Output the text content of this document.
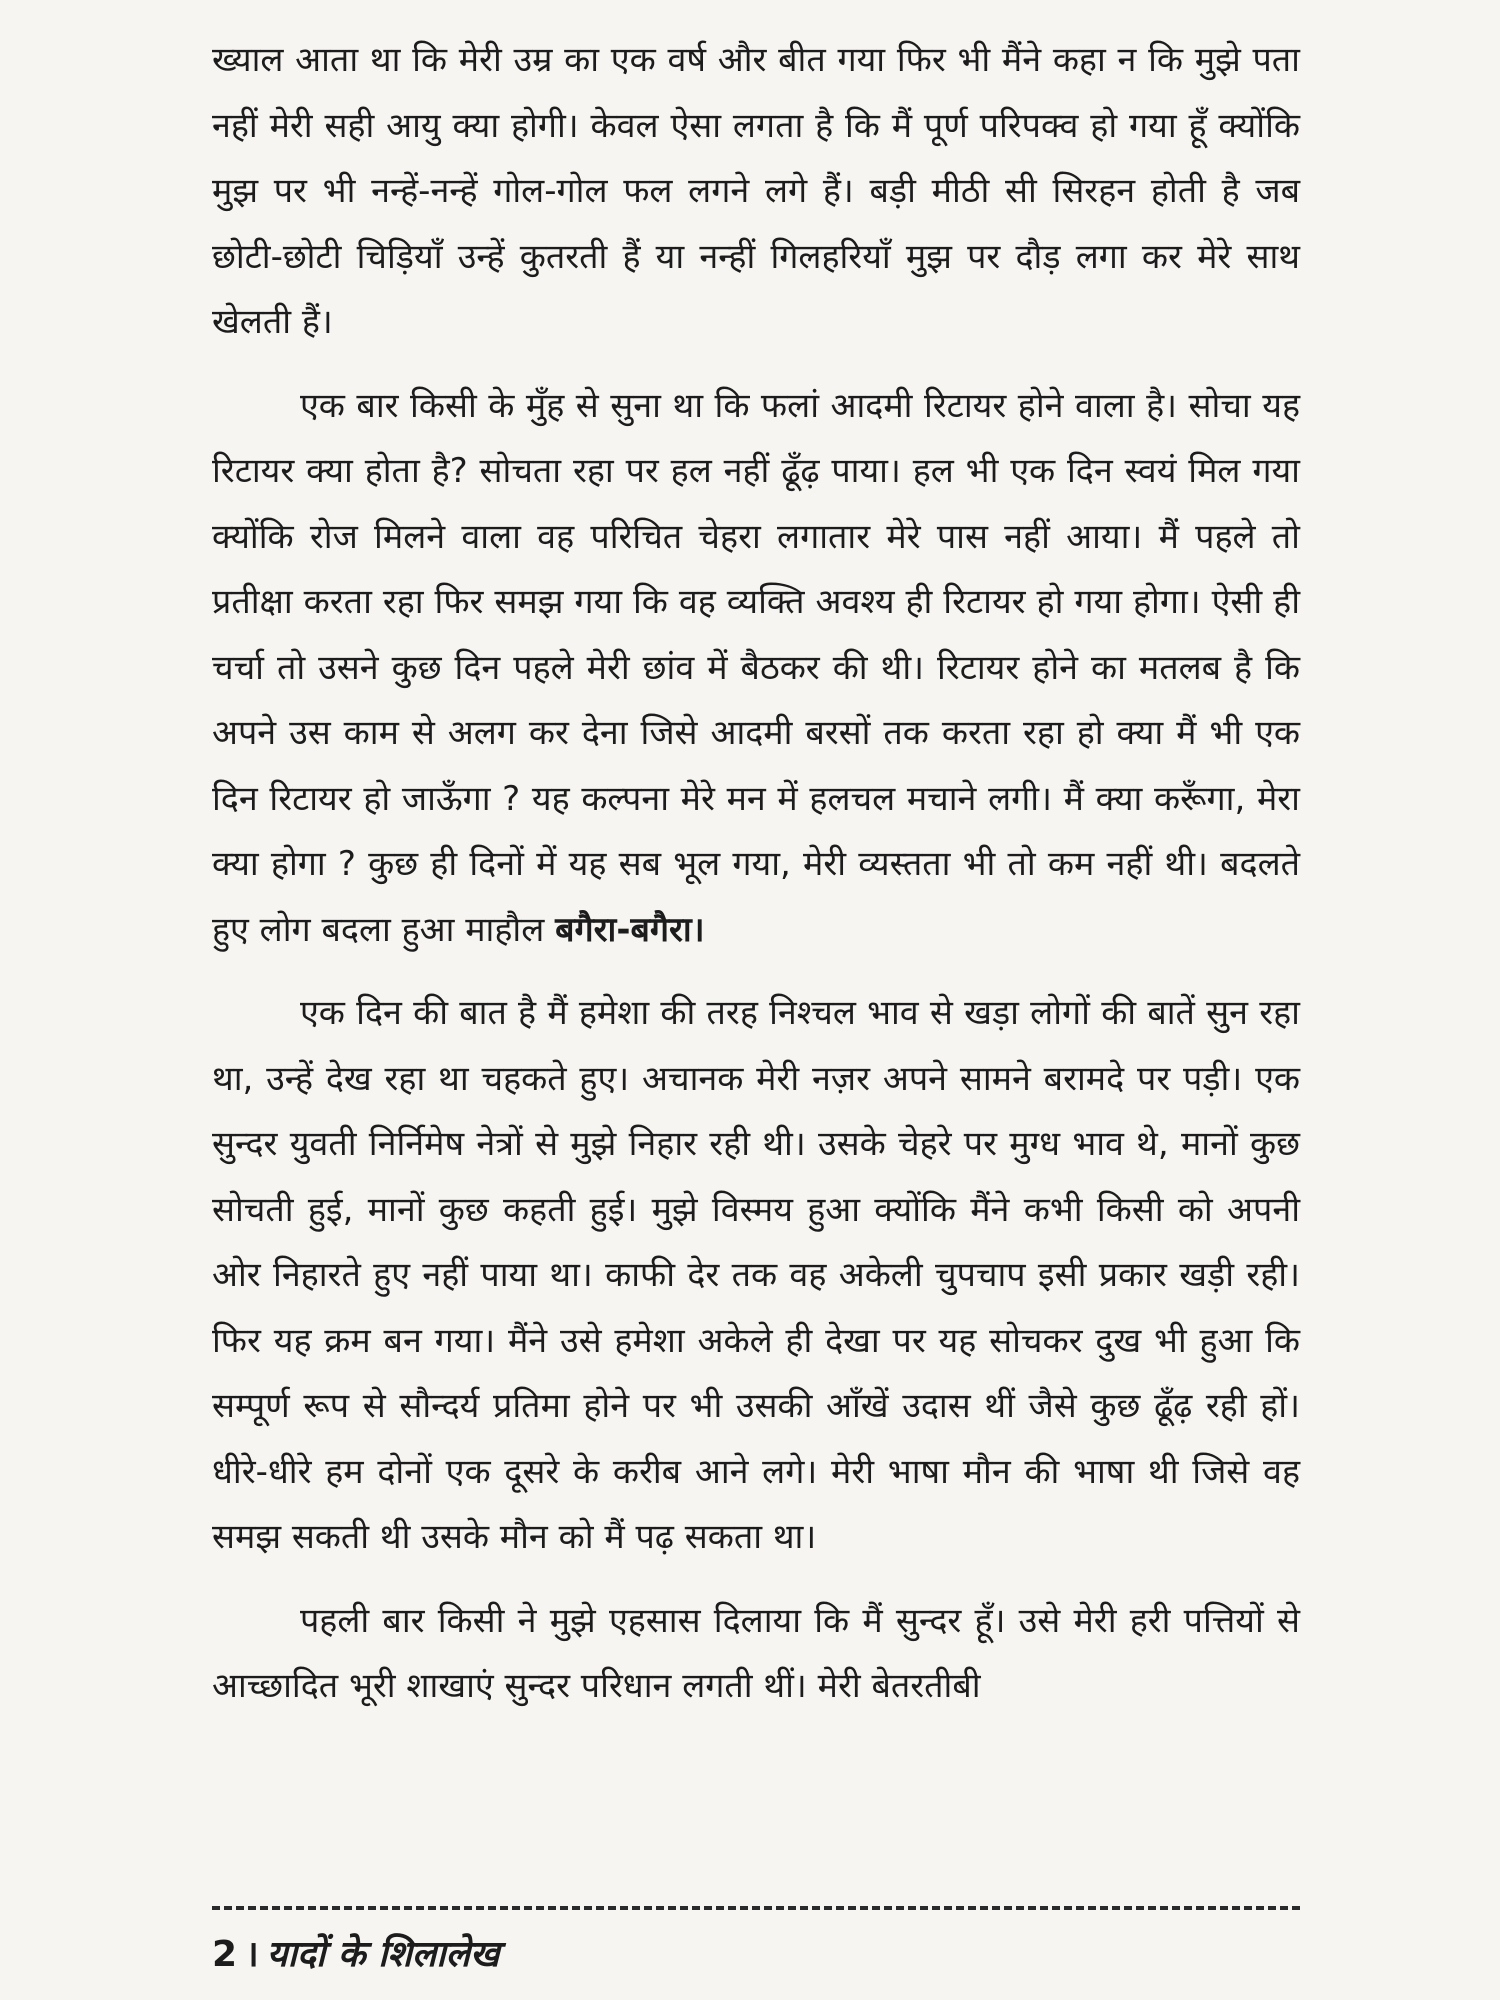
ख्याल आता था कि मेरी उम्र का एक वर्ष और बीत गया फिर भी मैंने कहा न कि मुझे पता नहीं मेरी सही आयु क्या होगी। केवल ऐसा लगता है कि मैं पूर्ण परिपक्व हो गया हूँ क्योंकि मुझ पर भी नन्हें-नन्हें गोल-गोल फल लगने लगे हैं। बड़ी मीठी सी सिरहन होती है जब छोटी-छोटी चिड़ियाँ उन्हें कुतरती हैं या नन्हीं गिलहरियाँ मुझ पर दौड़ लगा कर मेरे साथ खेलती हैं।

एक बार किसी के मुँह से सुना था कि फलां आदमी रिटायर होने वाला है। सोचा यह रिटायर क्या होता है? सोचता रहा पर हल नहीं ढूँढ़ पाया। हल भी एक दिन स्वयं मिल गया क्योंकि रोज मिलने वाला वह परिचित चेहरा लगातार मेरे पास नहीं आया। मैं पहले तो प्रतीक्षा करता रहा फिर समझ गया कि वह व्यक्ति अवश्य ही रिटायर हो गया होगा। ऐसी ही चर्चा तो उसने कुछ दिन पहले मेरी छांव में बैठकर की थी। रिटायर होने का मतलब है कि अपने उस काम से अलग कर देना जिसे आदमी बरसों तक करता रहा हो क्या मैं भी एक दिन रिटायर हो जाऊँगा ? यह कल्पना मेरे मन में हलचल मचाने लगी। मैं क्या करूँगा, मेरा क्या होगा ? कुछ ही दिनों में यह सब भूल गया, मेरी व्यस्तता भी तो कम नहीं थी। बदलते हुए लोग बदला हुआ माहौल बगैरा-बगैरा।

एक दिन की बात है मैं हमेशा की तरह निश्चल भाव से खड़ा लोगों की बातें सुन रहा था, उन्हें देख रहा था चहकते हुए। अचानक मेरी नज़र अपने सामने बरामदे पर पड़ी। एक सुन्दर युवती निर्निमेष नेत्रों से मुझे निहार रही थी। उसके चेहरे पर मुग्ध भाव थे, मानों कुछ सोचती हुई, मानों कुछ कहती हुई। मुझे विस्मय हुआ क्योंकि मैंने कभी किसी को अपनी ओर निहारते हुए नहीं पाया था। काफी देर तक वह अकेली चुपचाप इसी प्रकार खड़ी रही। फिर यह क्रम बन गया। मैंने उसे हमेशा अकेले ही देखा पर यह सोचकर दुख भी हुआ कि सम्पूर्ण रूप से सौन्दर्य प्रतिमा होने पर भी उसकी आँखें उदास थीं जैसे कुछ ढूँढ़ रही हों। धीरे-धीरे हम दोनों एक दूसरे के करीब आने लगे। मेरी भाषा मौन की भाषा थी जिसे वह समझ सकती थी उसके मौन को मैं पढ़ सकता था।

पहली बार किसी ने मुझे एहसास दिलाया कि मैं सुन्दर हूँ। उसे मेरी हरी पत्तियों से आच्छादित भूरी शाखाएं सुन्दर परिधान लगती थीं। मेरी बेतरतीबी

2 । यादों के शिलालेख
